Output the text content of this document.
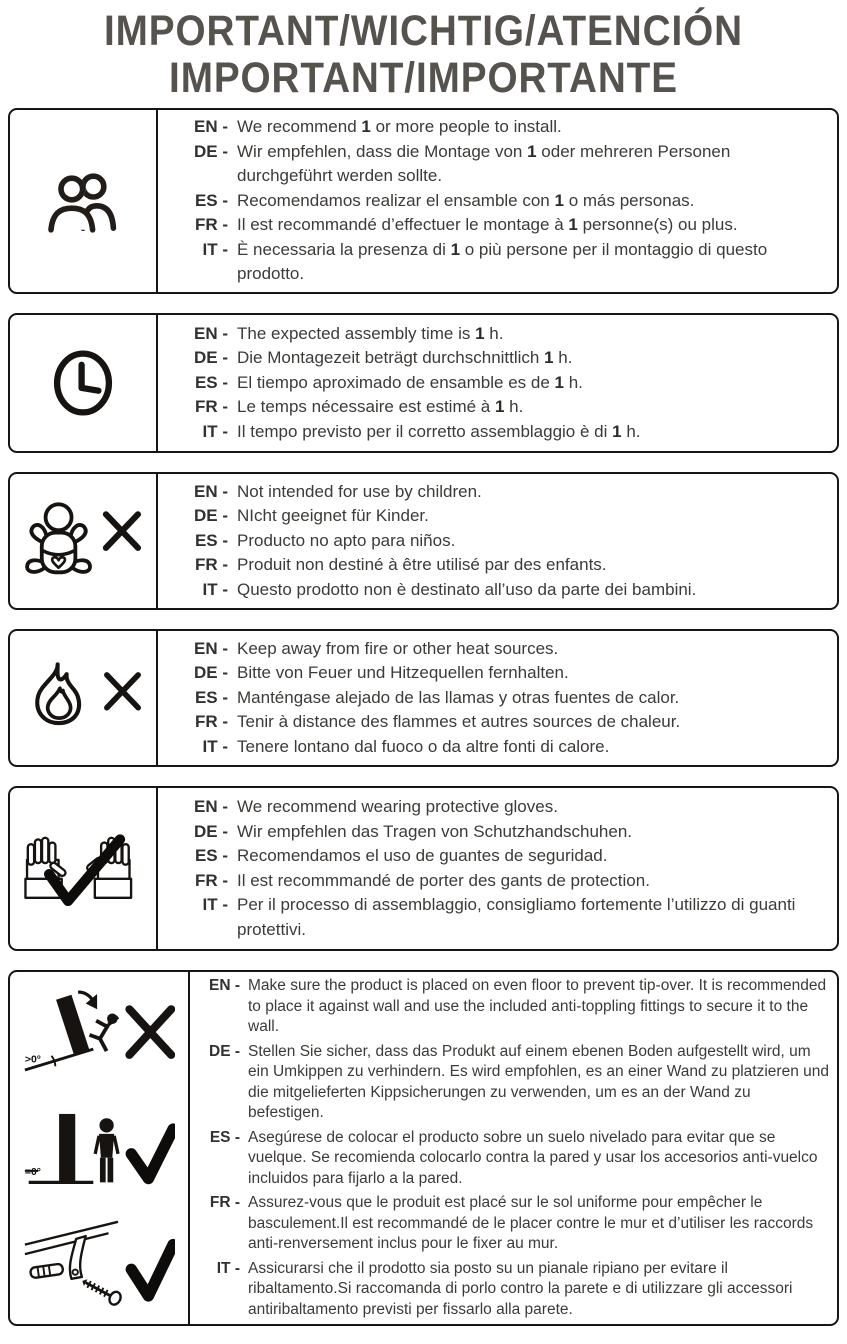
IMPORTANT/WICHTIG/ATENCIÓN
IMPORTANT/IMPORTANTE
EN - We recommend 1 or more people to install.
DE - Wir empfehlen, dass die Montage von 1 oder mehreren Personen durchgeführt werden sollte.
ES - Recomendamos realizar el ensamble con 1 o más personas.
FR - Il est recommandé d’effectuer le montage à 1 personne(s) ou plus.
IT - È necessaria la presenza di 1 o più persone per il montaggio di questo prodotto.
EN - The expected assembly time is 1 h.
DE - Die Montagezeit beträgt durchschnittlich 1 h.
ES - El tiempo aproximado de ensamble es de 1 h.
FR - Le temps nécessaire est estimé à 1 h.
IT - Il tempo previsto per il corretto assemblaggio è di 1 h.
EN - Not intended for use by children.
DE - NIcht geeignet für Kinder.
ES - Producto no apto para niños.
FR - Produit non destiné à être utilisé par des enfants.
IT - Questo prodotto non è destinato all’uso da parte dei bambini.
EN - Keep away from fire or other heat sources.
DE - Bitte von Feuer und Hitzequellen fernhalten.
ES - Manténgase alejado de las llamas y otras fuentes de calor.
FR - Tenir à distance des flammes et autres sources de chaleur.
IT - Tenere lontano dal fuoco o da altre fonti di calore.
EN - We recommend wearing protective gloves.
DE - Wir empfehlen das Tragen von Schutzhandschuhen.
ES - Recomendamos el uso de guantes de seguridad.
FR - Il est recommmandé de porter des gants de protection.
IT - Per il processo di assemblaggio, consigliamo fortemente l’utilizzo di guanti protettivi.
>0°
=0°
EN - Make sure the product is placed on even floor to prevent tip-over. It is recommended to place it against wall and use the included anti-toppling fittings to secure it to the wall.
DE - Stellen Sie sicher, dass das Produkt auf einem ebenen Boden aufgestellt wird, um ein Umkippen zu verhindern. Es wird empfohlen, es an einer Wand zu platzieren und die mitgelieferten Kippsicherungen zu verwenden, um es an der Wand zu befestigen.
ES - Asegúrese de colocar el producto sobre un suelo nivelado para evitar que se vuelque. Se recomienda colocarlo contra la pared y usar los accesorios anti-vuelco incluidos para fijarlo a la pared.
FR - Assurez-vous que le produit est placé sur le sol uniforme pour empêcher le basculement.Il est recommandé de le placer contre le mur et d’utiliser les raccords anti-renversement inclus pour le fixer au mur.
IT - Assicurarsi che il prodotto sia posto su un pianale ripiano per evitare il ribaltamento.Si raccomanda di porlo contro la parete e di utilizzare gli accessori antiribaltamento previsti per fissarlo alla parete.
